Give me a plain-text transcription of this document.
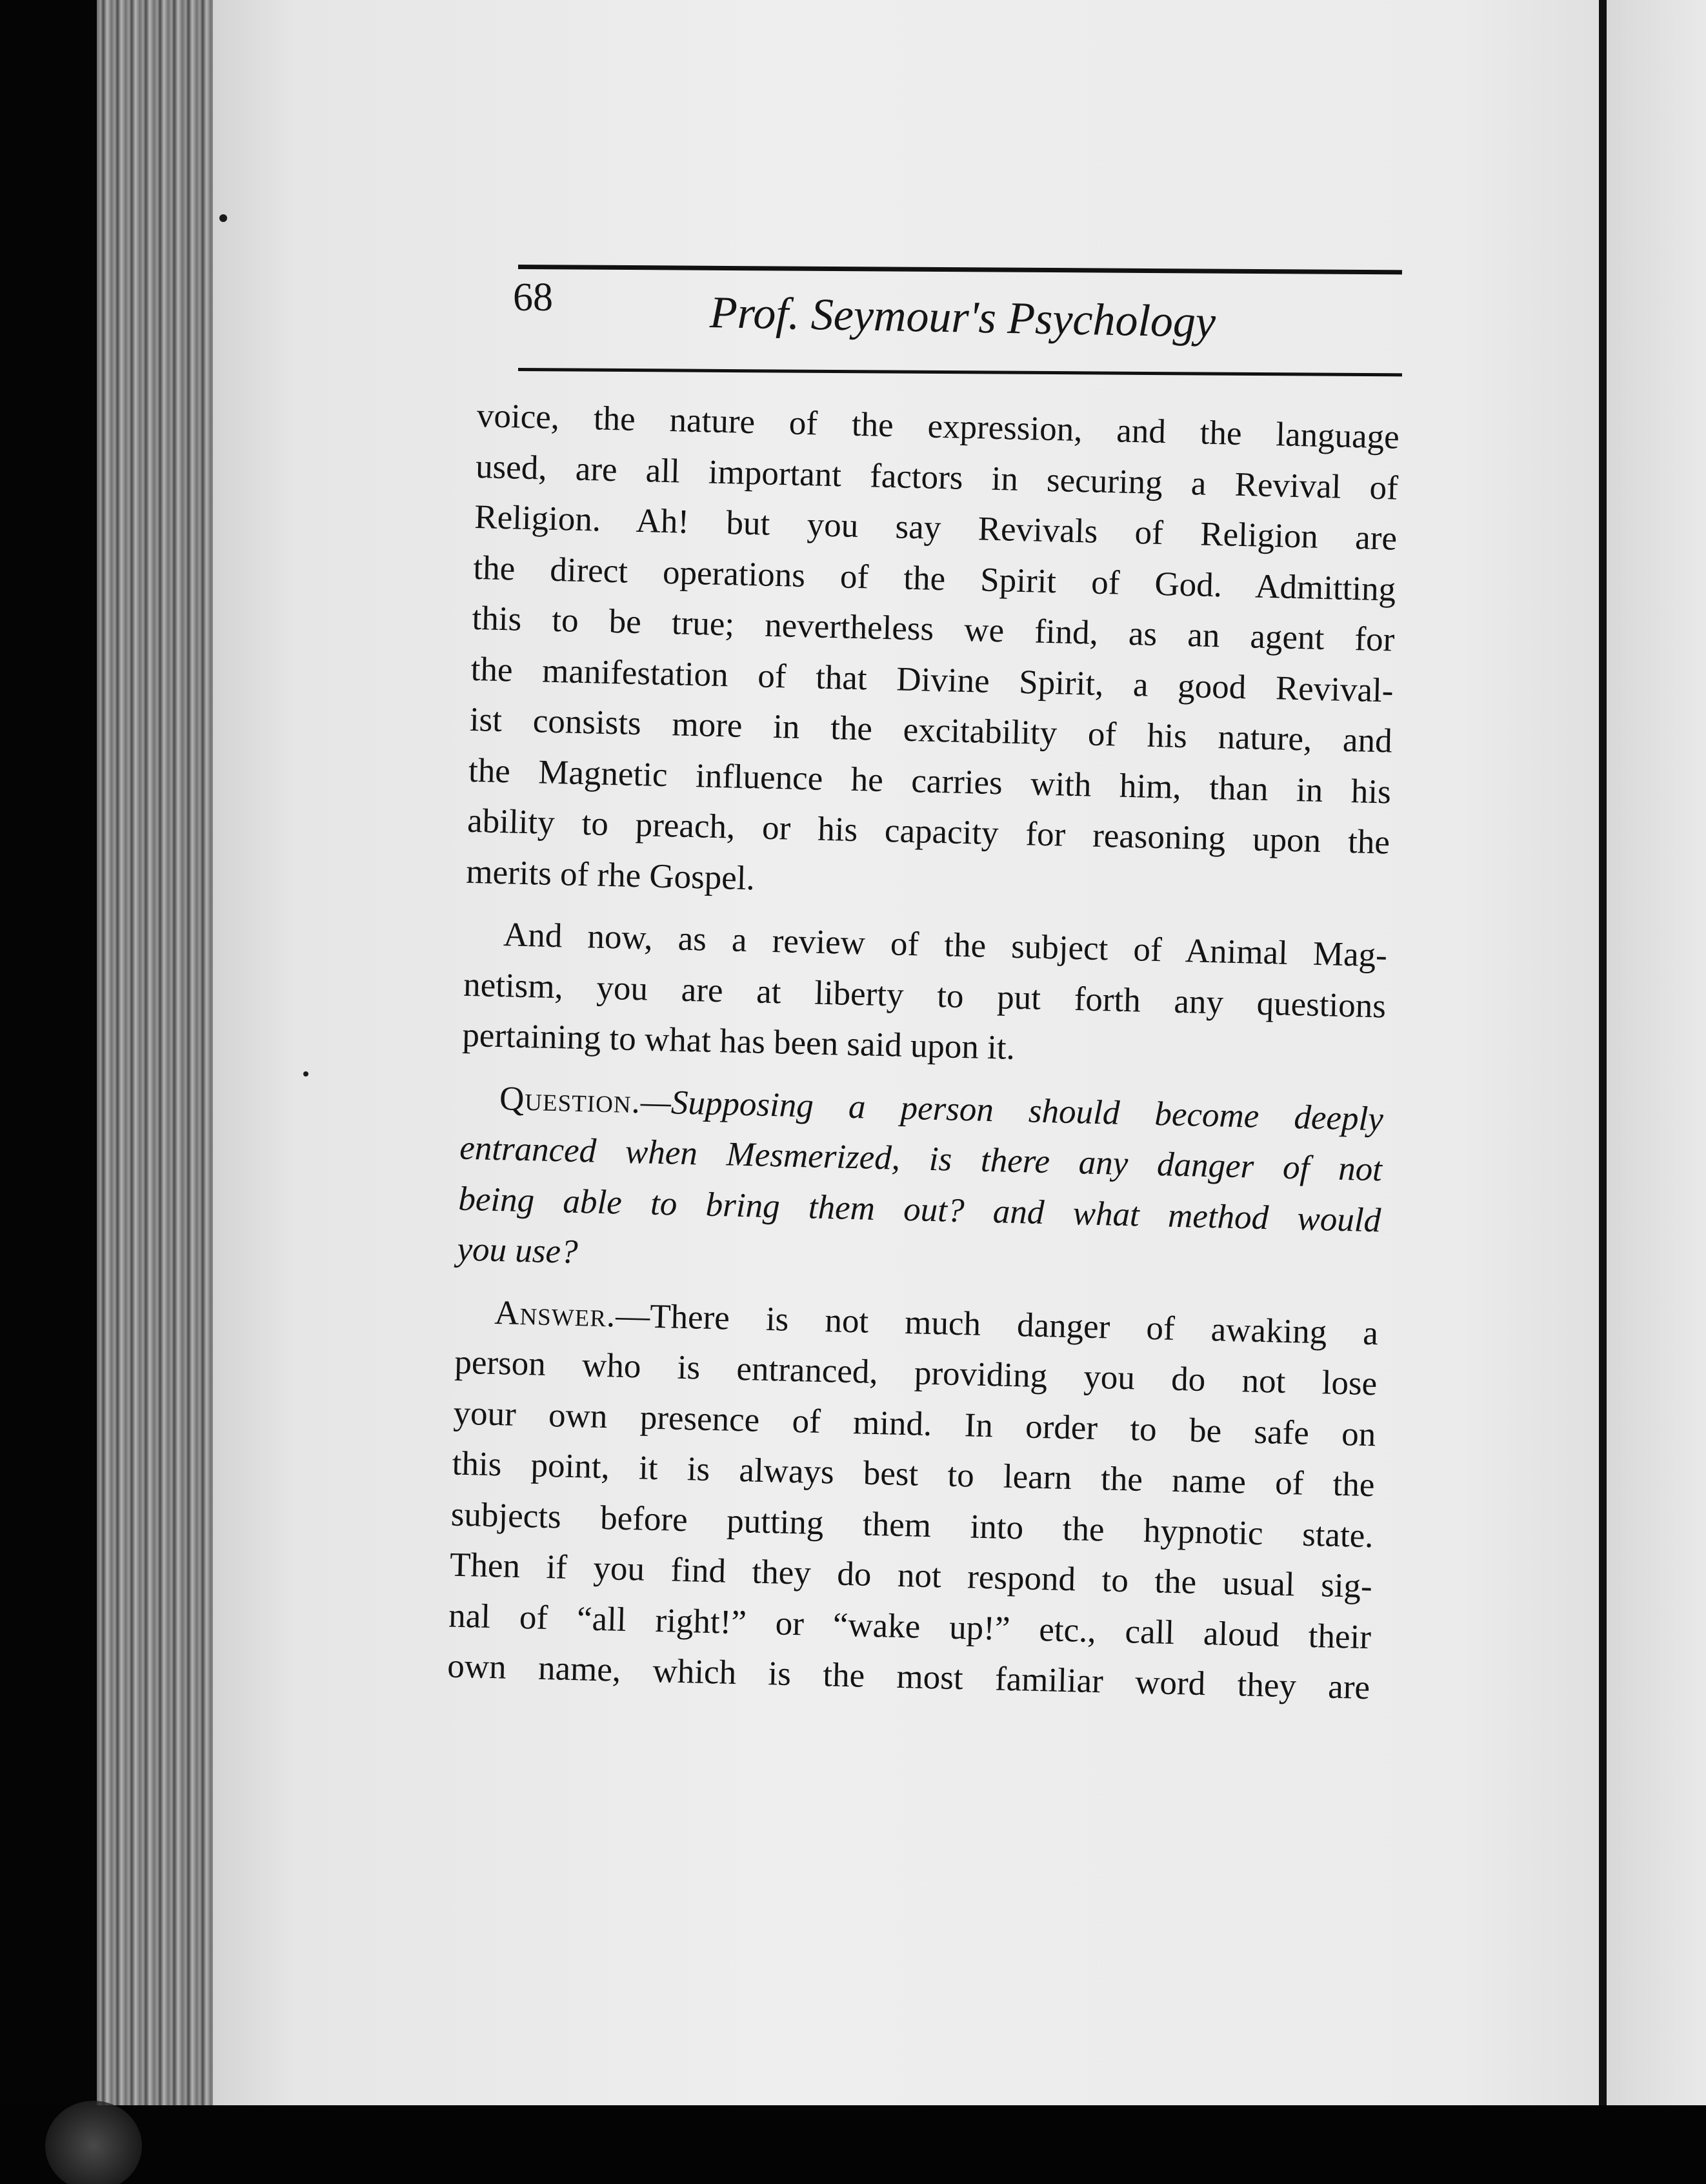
68	Prof. Seymour's Psychology
voice, the nature of the expression, and the language
used, are all important factors in securing a Revival of
Religion. Ah! but you say Revivals of Religion are
the direct operations of the Spirit of God. Admitting
this to be true; nevertheless we find, as an agent for
the manifestation of that Divine Spirit, a good Revival-
ist consists more in the excitability of his nature, and
the Magnetic influence he carries with him, than in his
ability to preach, or his capacity for reasoning upon the
merits of rhe Gospel.
And now, as a review of the subject of Animal Mag-
netism, you are at liberty to put forth any questions
pertaining to what has been said upon it.
Question.—Supposing a person should become deeply
entranced when Mesmerized, is there any danger of not
being able to bring them out? and what method would
you use?
Answer.—There is not much danger of awaking a
person who is entranced, providing you do not lose
your own presence of mind. In order to be safe on
this point, it is always best to learn the name of the
subjects before putting them into the hypnotic state.
Then if you find they do not respond to the usual sig-
nal of “all right!” or “wake up!” etc., call aloud their
own name, which is the most familiar word they are
